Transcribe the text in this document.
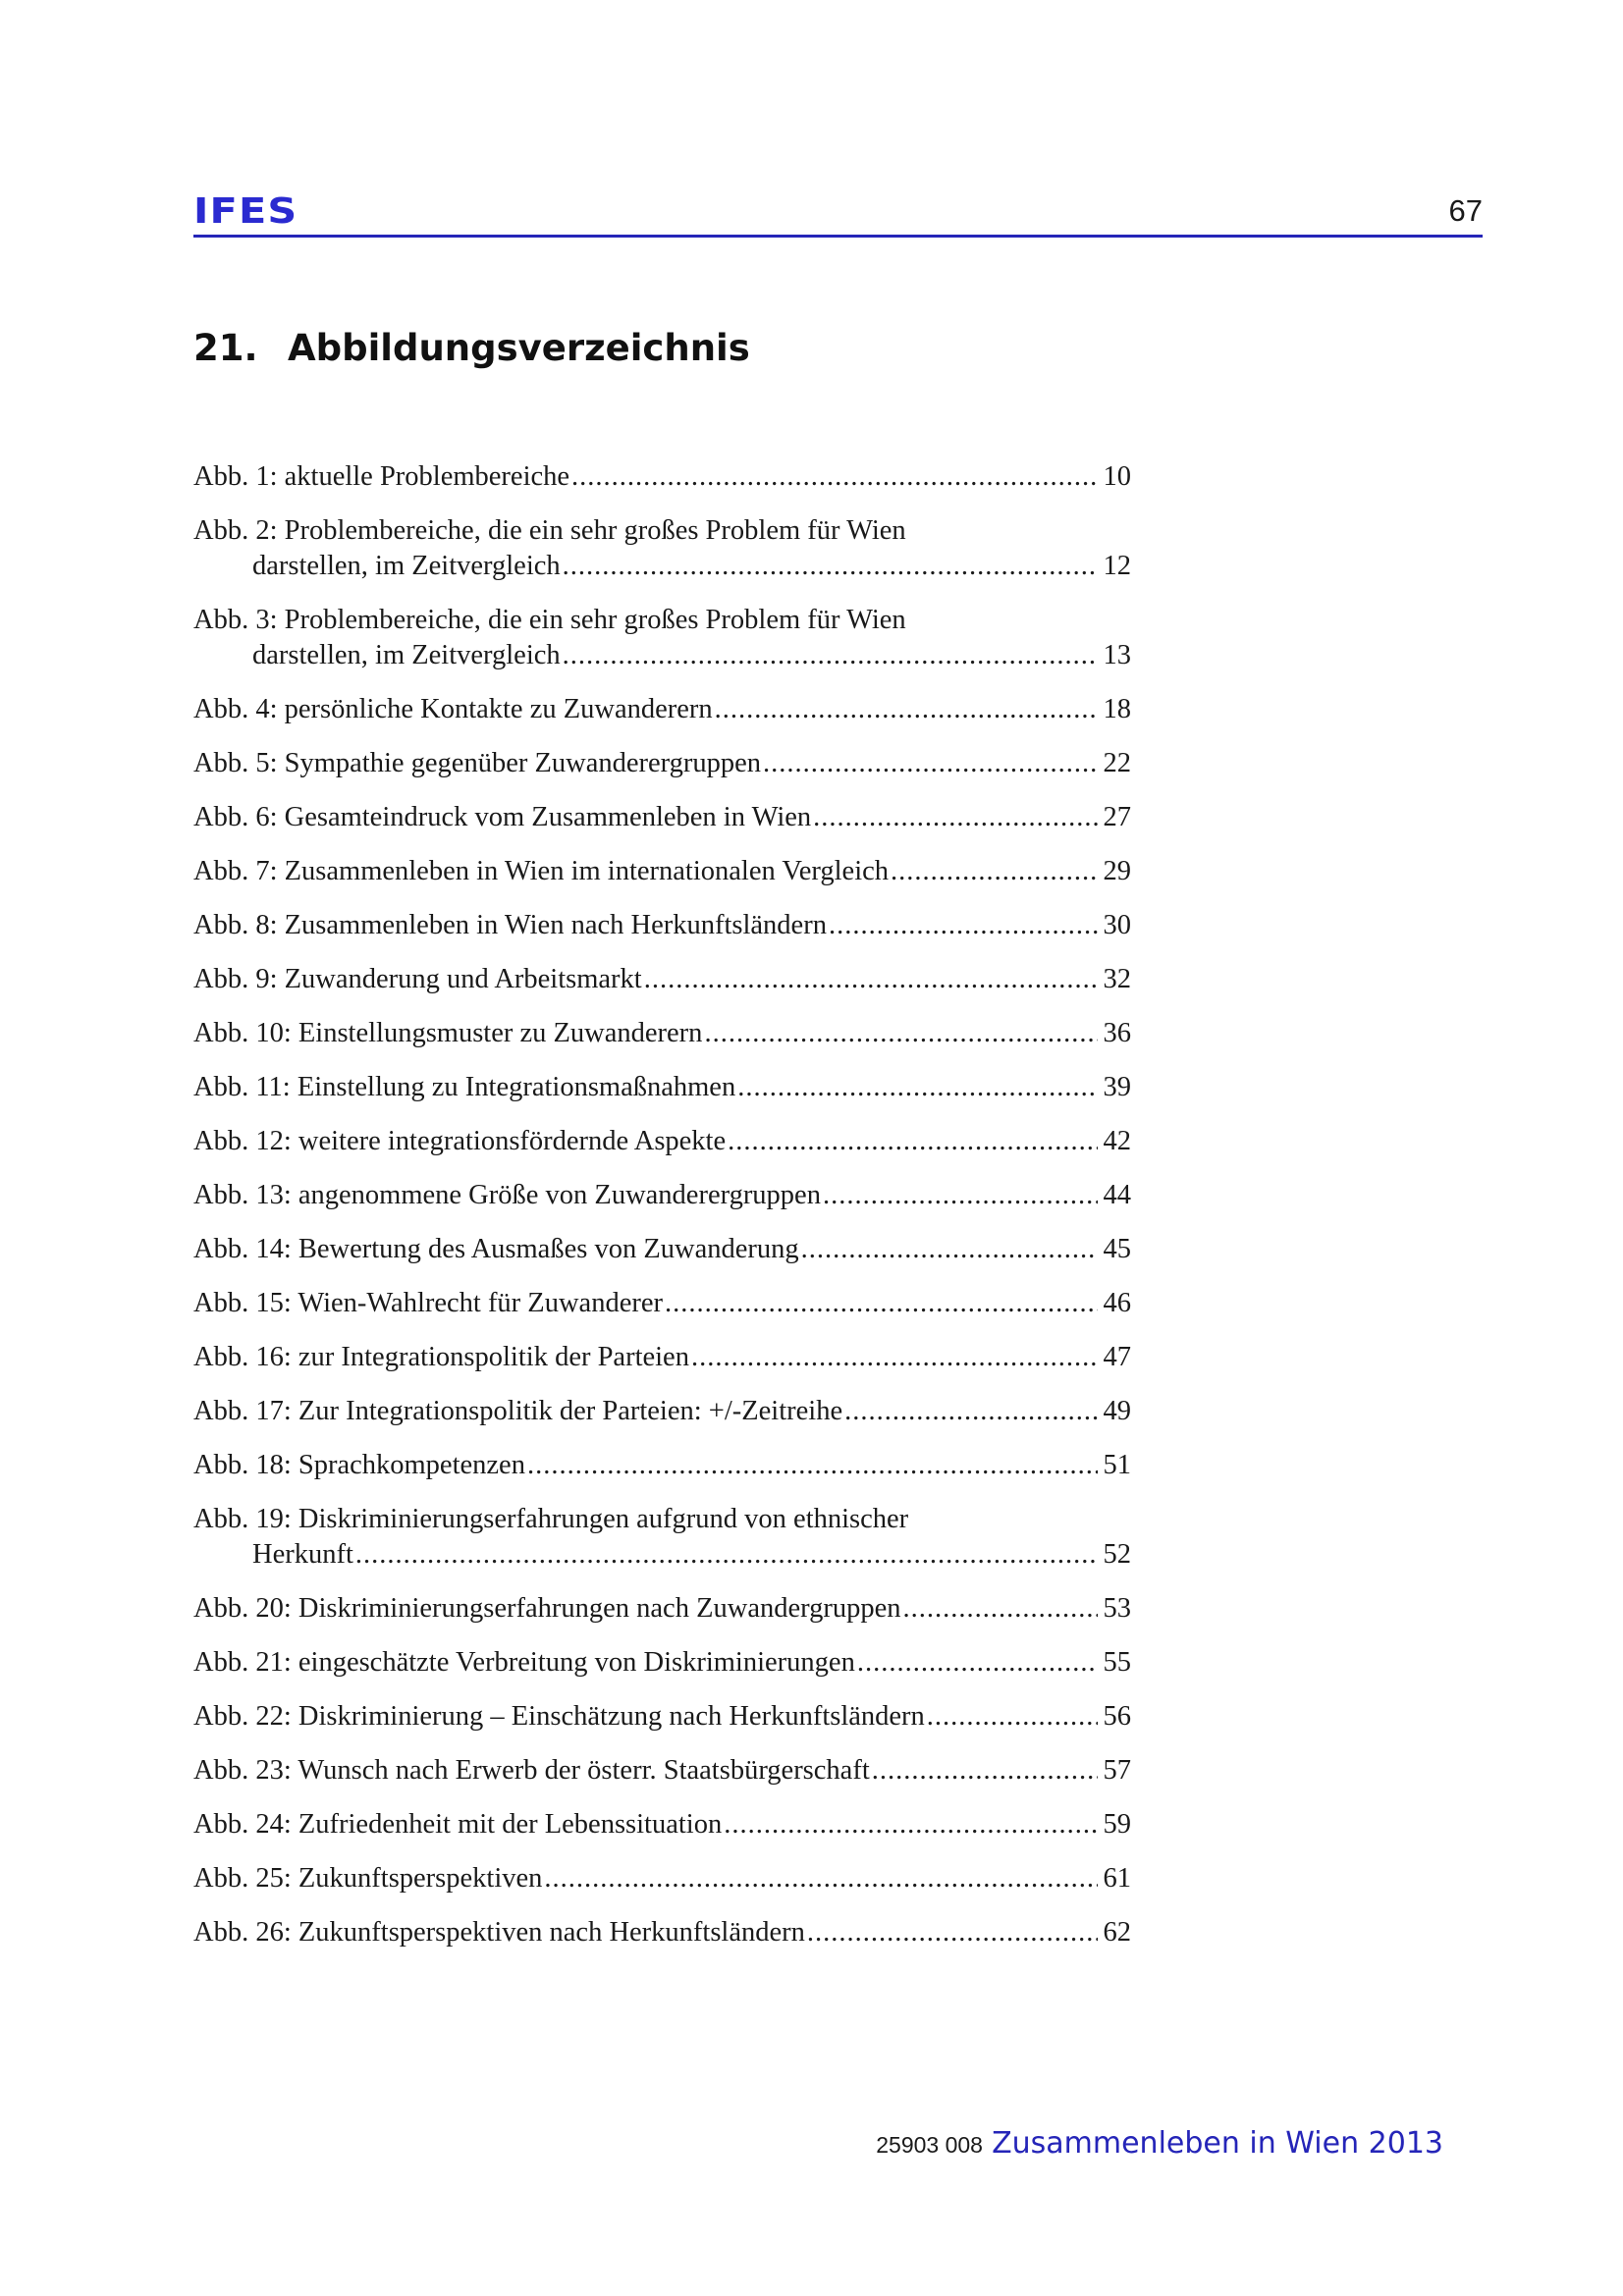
IFES	67
21. Abbildungsverzeichnis
Abb. 1: aktuelle Problembereiche .....	10
Abb. 2: Problembereiche, die ein sehr großes Problem für Wien
darstellen, im Zeitvergleich .....	12
Abb. 3: Problembereiche, die ein sehr großes Problem für Wien
darstellen, im Zeitvergleich .....	13
Abb. 4: persönliche Kontakte zu Zuwanderern .....	18
Abb. 5: Sympathie gegenüber Zuwanderergruppen .....	22
Abb. 6: Gesamteindruck vom Zusammenleben in Wien .....	27
Abb. 7: Zusammenleben in Wien im internationalen Vergleich .....	29
Abb. 8: Zusammenleben in Wien nach Herkunftsländern .....	30
Abb. 9: Zuwanderung und Arbeitsmarkt .....	32
Abb. 10: Einstellungsmuster zu Zuwanderern .....	36
Abb. 11: Einstellung zu Integrationsmaßnahmen .....	39
Abb. 12: weitere integrationsfördernde Aspekte .....	42
Abb. 13: angenommene Größe von Zuwanderergruppen .....	44
Abb. 14: Bewertung des Ausmaßes von Zuwanderung .....	45
Abb. 15: Wien-Wahlrecht für Zuwanderer .....	46
Abb. 16: zur Integrationspolitik der Parteien .....	47
Abb. 17: Zur Integrationspolitik der Parteien: +/-Zeitreihe .....	49
Abb. 18: Sprachkompetenzen .....	51
Abb. 19: Diskriminierungserfahrungen aufgrund von ethnischer
Herkunft .....	52
Abb. 20: Diskriminierungserfahrungen nach Zuwandergruppen .....	53
Abb. 21: eingeschätzte Verbreitung von Diskriminierungen .....	55
Abb. 22: Diskriminierung – Einschätzung nach Herkunftsländern .....	56
Abb. 23: Wunsch nach Erwerb der österr. Staatsbürgerschaft .....	57
Abb. 24: Zufriedenheit mit der Lebenssituation .....	59
Abb. 25: Zukunftsperspektiven .....	61
Abb. 26: Zukunftsperspektiven nach Herkunftsländern .....	62
25903 008 Zusammenleben in Wien 2013
